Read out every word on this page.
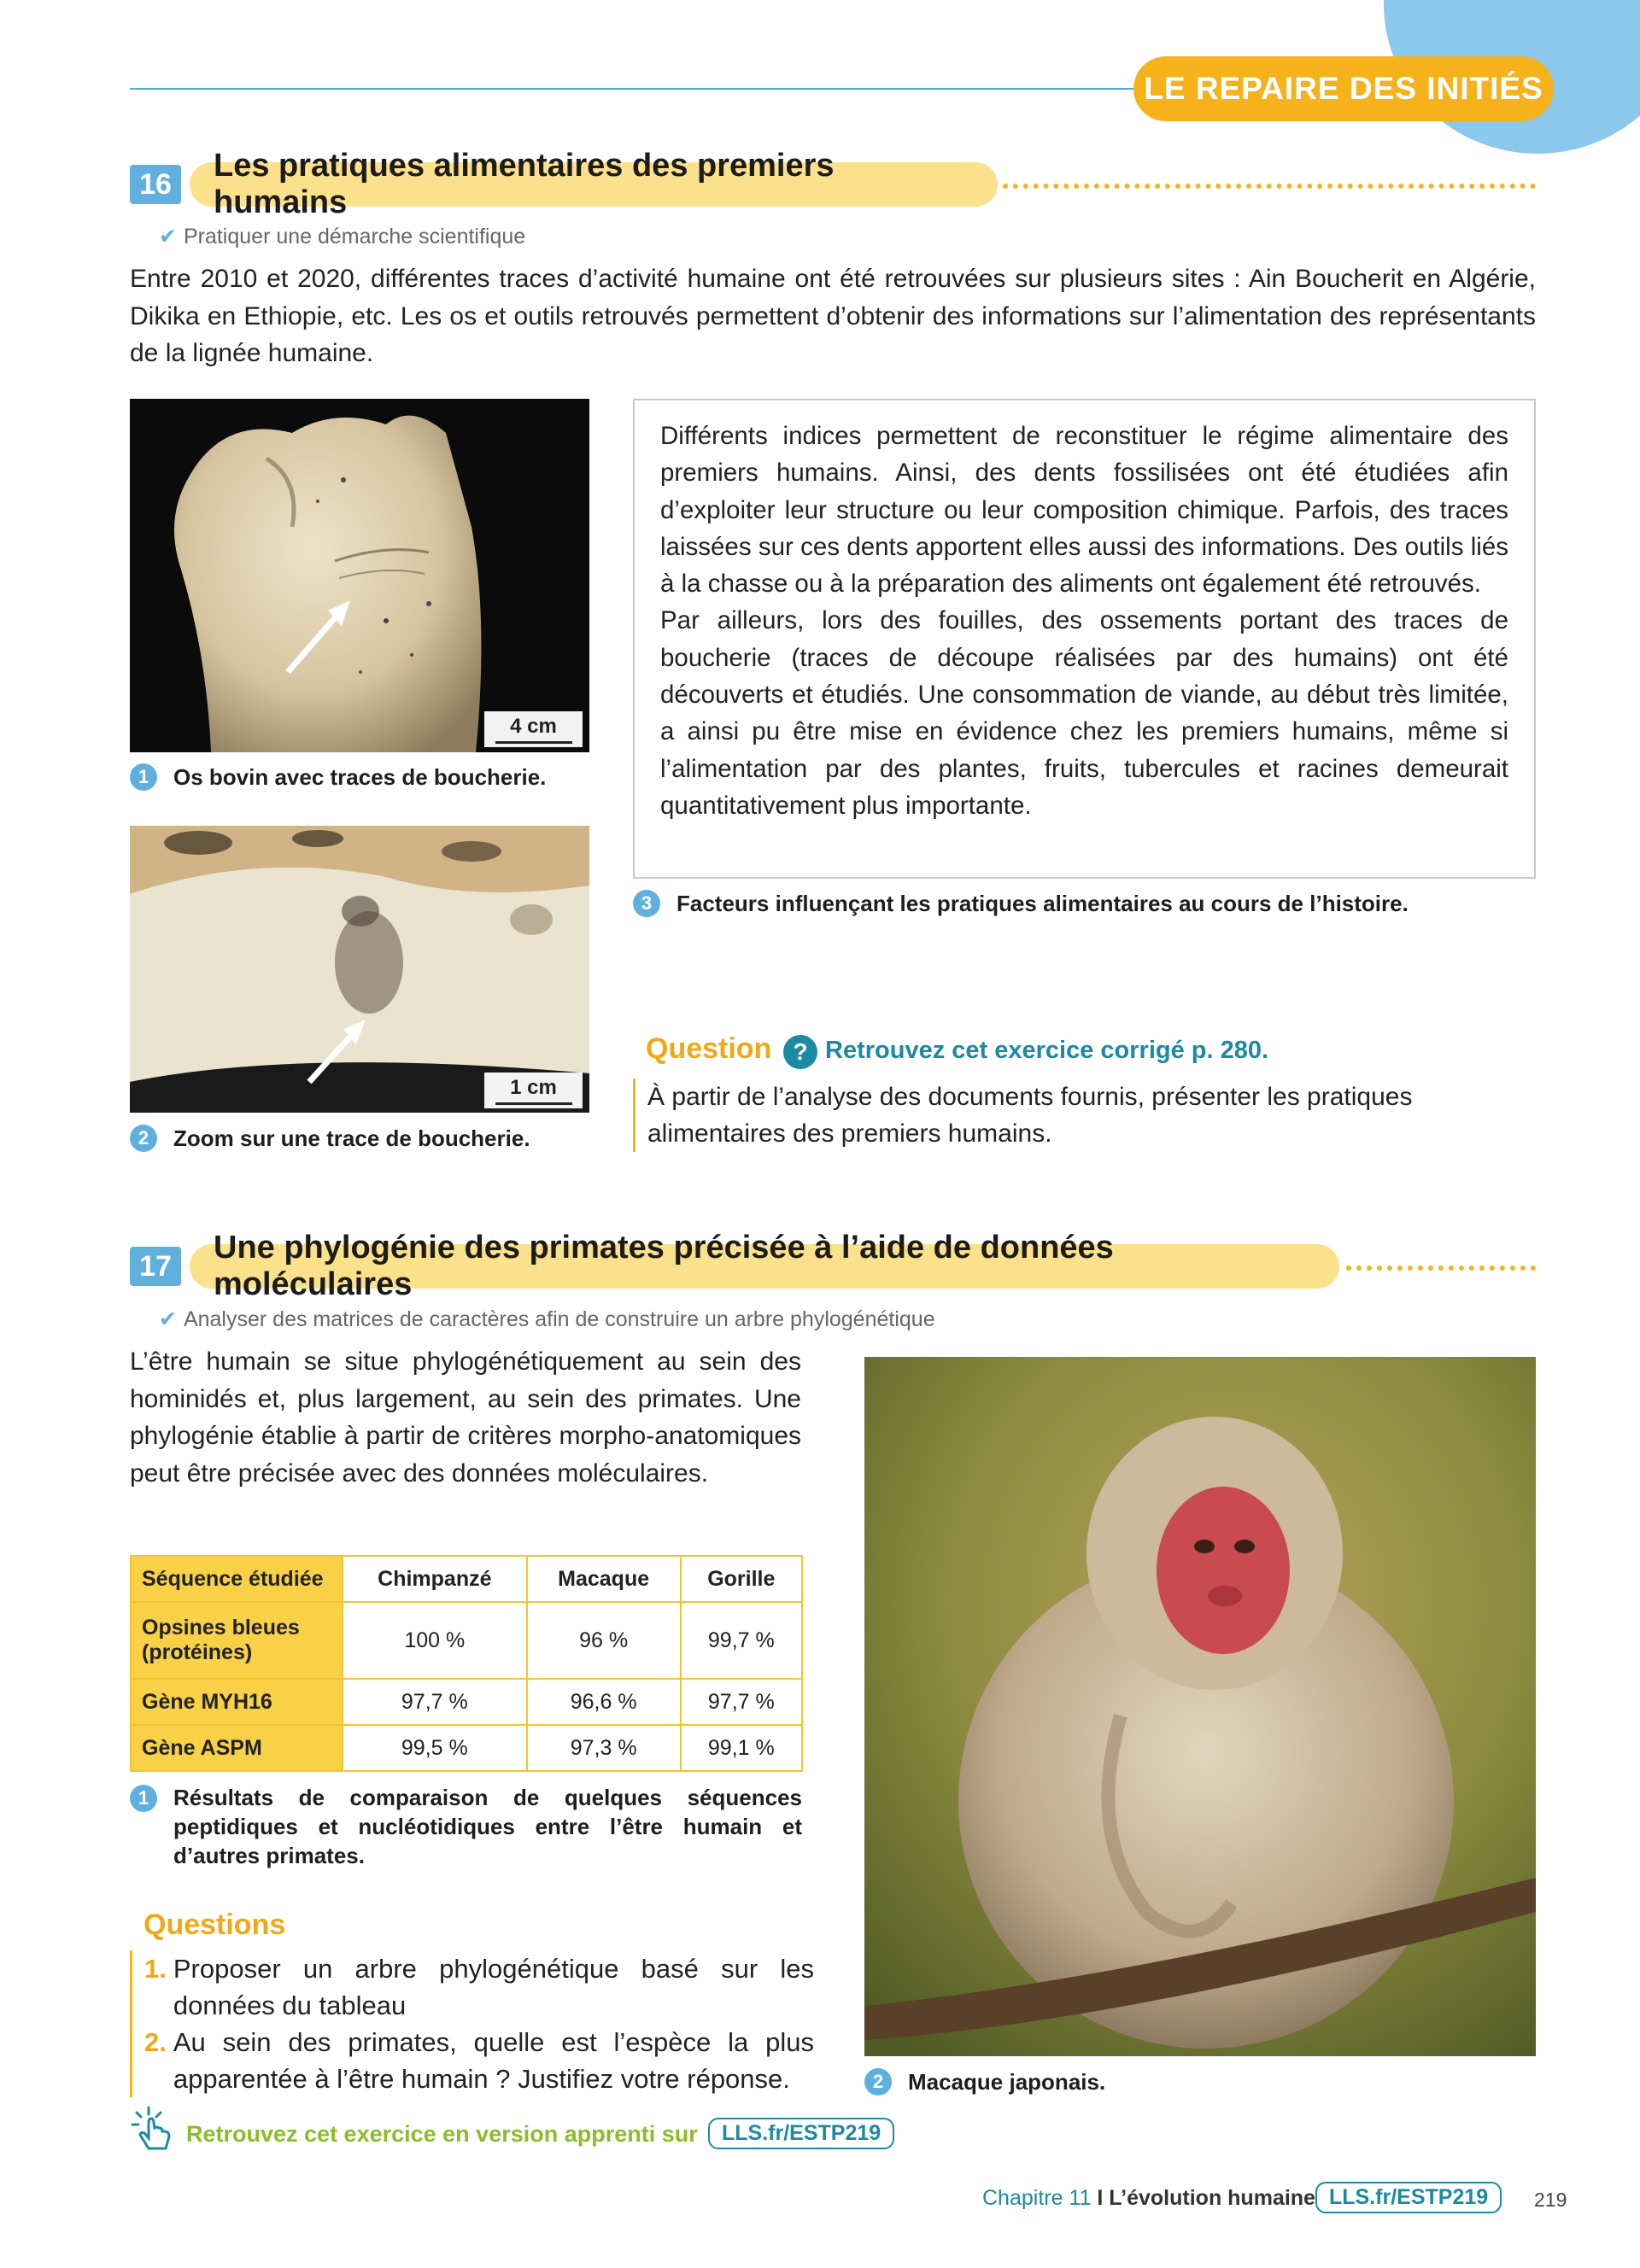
LE REPAIRE DES INITIÉS
16
Les pratiques alimentaires des premiers humains
✔ Pratiquer une démarche scientifique
Entre 2010 et 2020, différentes traces d’activité humaine ont été retrouvées sur plusieurs sites : Ain Boucherit en Algérie, Dikika en Ethiopie, etc. Les os et outils retrouvés permettent d’obtenir des informations sur l’alimentation des représentants de la lignée humaine.
4 cm
1	Os bovin avec traces de boucherie.
1 cm
2	Zoom sur une trace de boucherie.
Différents indices permettent de reconstituer le régime alimentaire des premiers humains. Ainsi, des dents fossilisées ont été étudiées afin d’exploiter leur structure ou leur composition chimique. Parfois, des traces laissées sur ces dents apportent elles aussi des informations. Des outils liés à la chasse ou à la préparation des aliments ont également été retrouvés.
Par ailleurs, lors des fouilles, des ossements portant des traces de boucherie (traces de découpe réalisées par des humains) ont été découverts et étudiés. Une consommation de viande, au début très limitée, a ainsi pu être mise en évidence chez les premiers humains, même si l’alimentation par des plantes, fruits, tubercules et racines demeurait quantitativement plus importante.
3	Facteurs influençant les pratiques alimentaires au cours de l’histoire.
Question ? Retrouvez cet exercice corrigé p. 280.
À partir de l’analyse des documents fournis, présenter les pratiques alimentaires des premiers humains.
17
Une phylogénie des primates précisée à l’aide de données moléculaires
✔ Analyser des matrices de caractères afin de construire un arbre phylogénétique
L’être humain se situe phylogénétiquement au sein des hominidés et, plus largement, au sein des primates. Une phylogénie établie à partir de critères morpho-anatomiques peut être précisée avec des données moléculaires.
Séquence étudiée	Chimpanzé	Macaque	Gorille
Opsines bleues (protéines)	100 %	96 %	99,7 %
Gène MYH16	97,7 %	96,6 %	97,7 %
Gène ASPM	99,5 %	97,3 %	99,1 %
1	Résultats de comparaison de quelques séquences peptidiques et nucléotidiques entre l’être humain et d’autres primates.
Questions
1. Proposer un arbre phylogénétique basé sur les données du tableau
2. Au sein des primates, quelle est l’espèce la plus apparentée à l’être humain ? Justifiez votre réponse.
Retrouvez cet exercice en version apprenti sur	LLS.fr/ESTP219
2	Macaque japonais.
Chapitre 11 I L’évolution humaine LLS.fr/ESTP219	219
